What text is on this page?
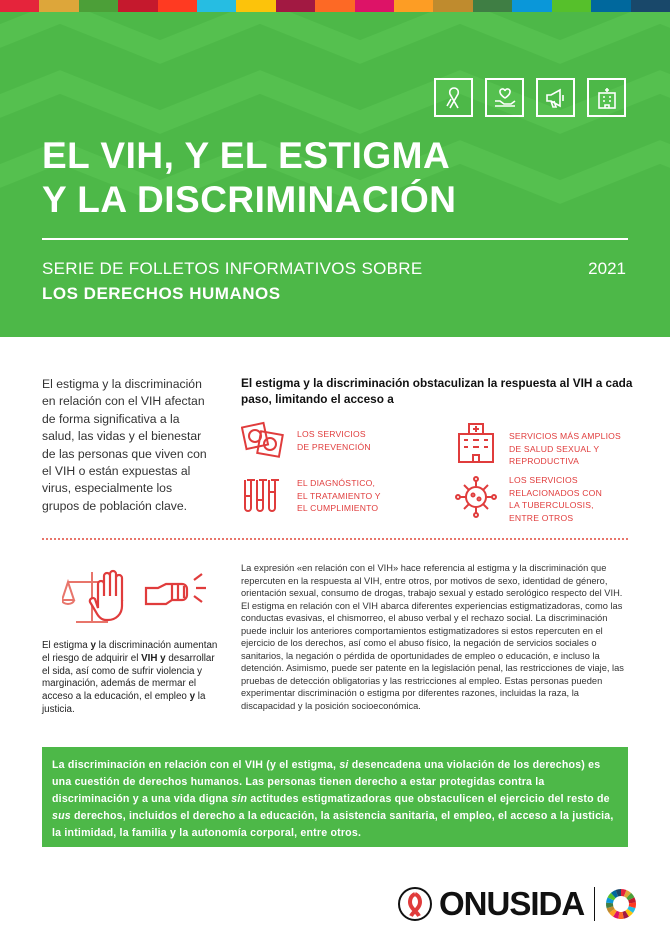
EL VIH, Y EL ESTIGMA
Y LA DISCRIMINACIÓN
SERIE DE FOLLETOS INFORMATIVOS SOBRE
LOS DERECHOS HUMANOS
2021
El estigma y la discriminación en relación con el VIH afectan de forma significativa a la salud, las vidas y el bienestar de las personas que viven con el VIH o están expuestas al virus, especialmente los grupos de población clave.
El estigma y la discriminación obstaculizan la respuesta al VIH a cada paso, limitando el acceso a
LOS SERVICIOS DE PREVENCIÓN
SERVICIOS MÁS AMPLIOS DE SALUD SEXUAL Y REPRODUCTIVA
EL DIAGNÓSTICO, EL TRATAMIENTO Y EL CUMPLIMIENTO
LOS SERVICIOS RELACIONADOS CON LA TUBERCULOSIS, ENTRE OTROS
El estigma y la discriminación aumentan el riesgo de adquirir el VIH y desarrollar el sida, así como de sufrir violencia y marginación, además de mermar el acceso a la educación, el empleo y la justicia.
La expresión «en relación con el VIH» hace referencia al estigma y la discriminación que repercuten en la respuesta al VIH, entre otros, por motivos de sexo, identidad de género, orientación sexual, consumo de drogas, trabajo sexual y estado serológico respecto del VIH. El estigma en relación con el VIH abarca diferentes experiencias estigmatizadoras, como las conductas evasivas, el chismorreo, el abuso verbal y el rechazo social. La discriminación puede incluir los anteriores comportamientos estigmatizadores si estos repercuten en el ejercicio de los derechos, así como el abuso físico, la negación de servicios sociales o sanitarios, la negación o pérdida de oportunidades de empleo o educación, e incluso la detención. Asimismo, puede ser patente en la legislación penal, las restricciones de viaje, las pruebas de detección obligatorias y las restricciones al empleo. Estas personas pueden experimentar discriminación o estigma por diferentes razones, incluidas la raza, la discapacidad y la posición socioeconómica.
La discriminación en relación con el VIH (y el estigma, si desencadena una violación de los derechos) es una cuestión de derechos humanos. Las personas tienen derecho a estar protegidas contra la discriminación y a una vida digna sin actitudes estigmatizadoras que obstaculicen el ejercicio del resto de sus derechos, incluidos el derecho a la educación, la asistencia sanitaria, el empleo, el acceso a la justicia, la intimidad, la familia y la autonomía corporal, entre otros.
ONUSIDA
